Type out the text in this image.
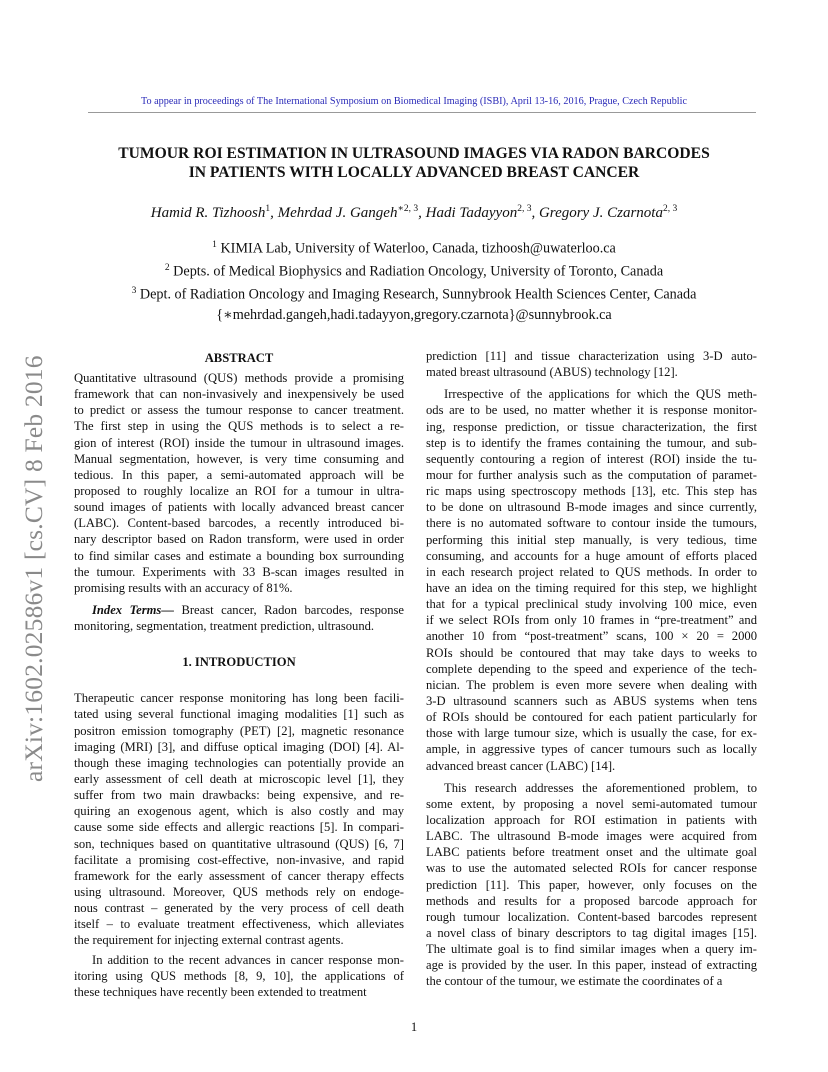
To appear in proceedings of The International Symposium on Biomedical Imaging (ISBI), April 13-16, 2016, Prague, Czech Republic
TUMOUR ROI ESTIMATION IN ULTRASOUND IMAGES VIA RADON BARCODES
IN PATIENTS WITH LOCALLY ADVANCED BREAST CANCER
Hamid R. Tizhoosh$^1$, Mehrdad J. Gangeh$^{∗2, 3}$, Hadi Tadayyon$^{2, 3}$, Gregory J. Czarnota$^{2, 3}$
$^1$ KIMIA Lab, University of Waterloo, Canada, tizhoosh@uwaterloo.ca
$^2$ Depts. of Medical Biophysics and Radiation Oncology, University of Toronto, Canada
$^3$ Dept. of Radiation Oncology and Imaging Research, Sunnybrook Health Sciences Center, Canada
{∗mehrdad.gangeh,hadi.tadayyon,gregory.czarnota}@sunnybrook.ca
arXiv:1602.02586v1 [cs.CV] 8 Feb 2016	ABSTRACT

Quantitative ultrasound (QUS) methods provide a promising
framework that can non-invasively and inexpensively be used
to predict or assess the tumour response to cancer treatment.
The first step in using the QUS methods is to select a re-
gion of interest (ROI) inside the tumour in ultrasound images.
Manual segmentation, however, is very time consuming and
tedious. In this paper, a semi-automated approach will be
proposed to roughly localize an ROI for a tumour in ultra-
sound images of patients with locally advanced breast cancer
(LABC). Content-based barcodes, a recently introduced bi-
nary descriptor based on Radon transform, were used in order
to find similar cases and estimate a bounding box surrounding
the tumour. Experiments with 33 B-scan images resulted in
promising results with an accuracy of 81%.

Index Terms— Breast cancer, Radon barcodes, response
monitoring, segmentation, treatment prediction, ultrasound.

1. INTRODUCTION

Therapeutic cancer response monitoring has long been facili-
tated using several functional imaging modalities [1] such as
positron emission tomography (PET) [2], magnetic resonance
imaging (MRI) [3], and diffuse optical imaging (DOI) [4]. Al-
though these imaging technologies can potentially provide an
early assessment of cell death at microscopic level [1], they
suffer from two main drawbacks: being expensive, and re-
quiring an exogenous agent, which is also costly and may
cause some side effects and allergic reactions [5]. In compari-
son, techniques based on quantitative ultrasound (QUS) [6, 7]
facilitate a promising cost-effective, non-invasive, and rapid
framework for the early assessment of cancer therapy effects
using ultrasound. Moreover, QUS methods rely on endoge-
nous contrast – generated by the very process of cell death
itself – to evaluate treatment effectiveness, which alleviates
the requirement for injecting external contrast agents.

In addition to the recent advances in cancer response mon-
itoring using QUS methods [8, 9, 10], the applications of
these techniques have recently been extended to treatment

prediction [11] and tissue characterization using 3-D auto-
mated breast ultrasound (ABUS) technology [12].

Irrespective of the applications for which the QUS meth-
ods are to be used, no matter whether it is response monitor-
ing, response prediction, or tissue characterization, the first
step is to identify the frames containing the tumour, and sub-
sequently contouring a region of interest (ROI) inside the tu-
mour for further analysis such as the computation of paramet-
ric maps using spectroscopy methods [13], etc. This step has
to be done on ultrasound B-mode images and since currently,
there is no automated software to contour inside the tumours,
performing this initial step manually, is very tedious, time
consuming, and accounts for a huge amount of efforts placed
in each research project related to QUS methods. In order to
have an idea on the timing required for this step, we highlight
that for a typical preclinical study involving 100 mice, even
if we select ROIs from only 10 frames in “pre-treatment” and
another 10 from “post-treatment” scans, 100 × 20 = 2000
ROIs should be contoured that may take days to weeks to
complete depending to the speed and experience of the tech-
nician. The problem is even more severe when dealing with
3-D ultrasound scanners such as ABUS systems when tens
of ROIs should be contoured for each patient particularly for
those with large tumour size, which is usually the case, for ex-
ample, in aggressive types of cancer tumours such as locally
advanced breast cancer (LABC) [14].

This research addresses the aforementioned problem, to
some extent, by proposing a novel semi-automated tumour
localization approach for ROI estimation in patients with
LABC. The ultrasound B-mode images were acquired from
LABC patients before treatment onset and the ultimate goal
was to use the automated selected ROIs for cancer response
prediction [11]. This paper, however, only focuses on the
methods and results for a proposed barcode approach for
rough tumour localization. Content-based barcodes represent
a novel class of binary descriptors to tag digital images [15].
The ultimate goal is to find similar images when a query im-
age is provided by the user. In this paper, instead of extracting
the contour of the tumour, we estimate the coordinates of a

1
